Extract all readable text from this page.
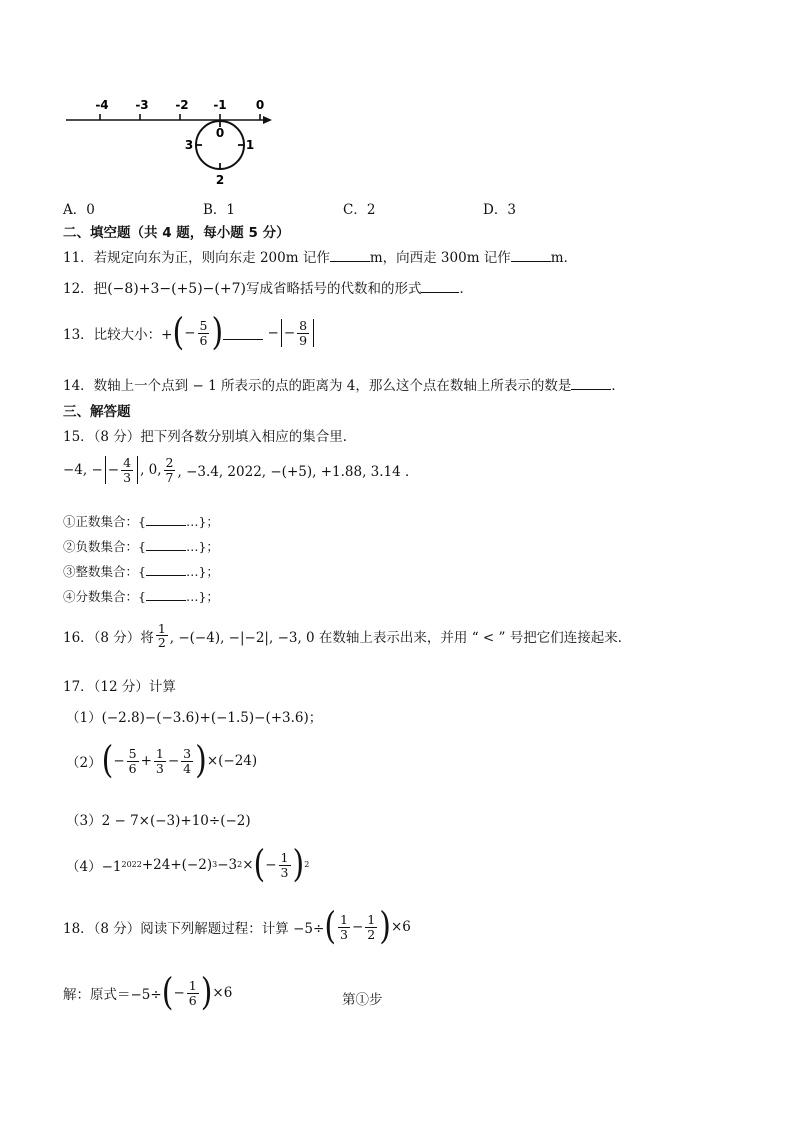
-4 -3 -2 -1 0
0
1
2
3
A．0	B．1	C．2	D．3
二、填空题（共 4 题，每小题 5 分）
11．若规定向东为正，则向东走 200m 记作	m，向西走 300m 记作	m．
12．把(−8)+3−(+5)−(+7)写成省略括号的代数和的形式	．
13．比较大小：+ ( − $\frac{5}{6}$ )	− − $\frac{8}{9}$
14．数轴上一个点到 − 1 所表示的点的距离为 4，那么这个点在数轴上所表示的数是	．
三、解答题
15．（8 分）把下列各数分别填入相应的集合里．
−4, − − $\frac{4}{3}$ , 0, $\frac{2}{7}$ , −3.4, 2022, −(+5), +1.88, 3.14 ．
①正数集合：{	…}；
②负数集合：{	…}；
③整数集合：{	…}；
④分数集合：{	…}；
16．（8 分）将 $\frac{1}{2}$ , −(−4), −|−2|, −3, 0 在数轴上表示出来，并用 “ < ” 号把它们连接起来．
17．（12 分）计算
（1）(−2.8)−(−3.6)+(−1.5)−(+3.6)；
（2） ( − $\frac{5}{6} + \frac{1}{3} - \frac{3}{4}$ ) ×(−24)
（3）2 − 7×(−3)+10÷(−2)
（4）−1 2022 +24+(−2) 3 −3 2 × ( − $\frac{1}{3}$ ) 2
18．（8 分）阅读下列解题过程：计算 −5÷ ( $\frac{1}{3} - \frac{1}{2}$ ) ×6
解：原式＝−5÷ ( − $\frac{1}{6}$ ) ×6	第①步
